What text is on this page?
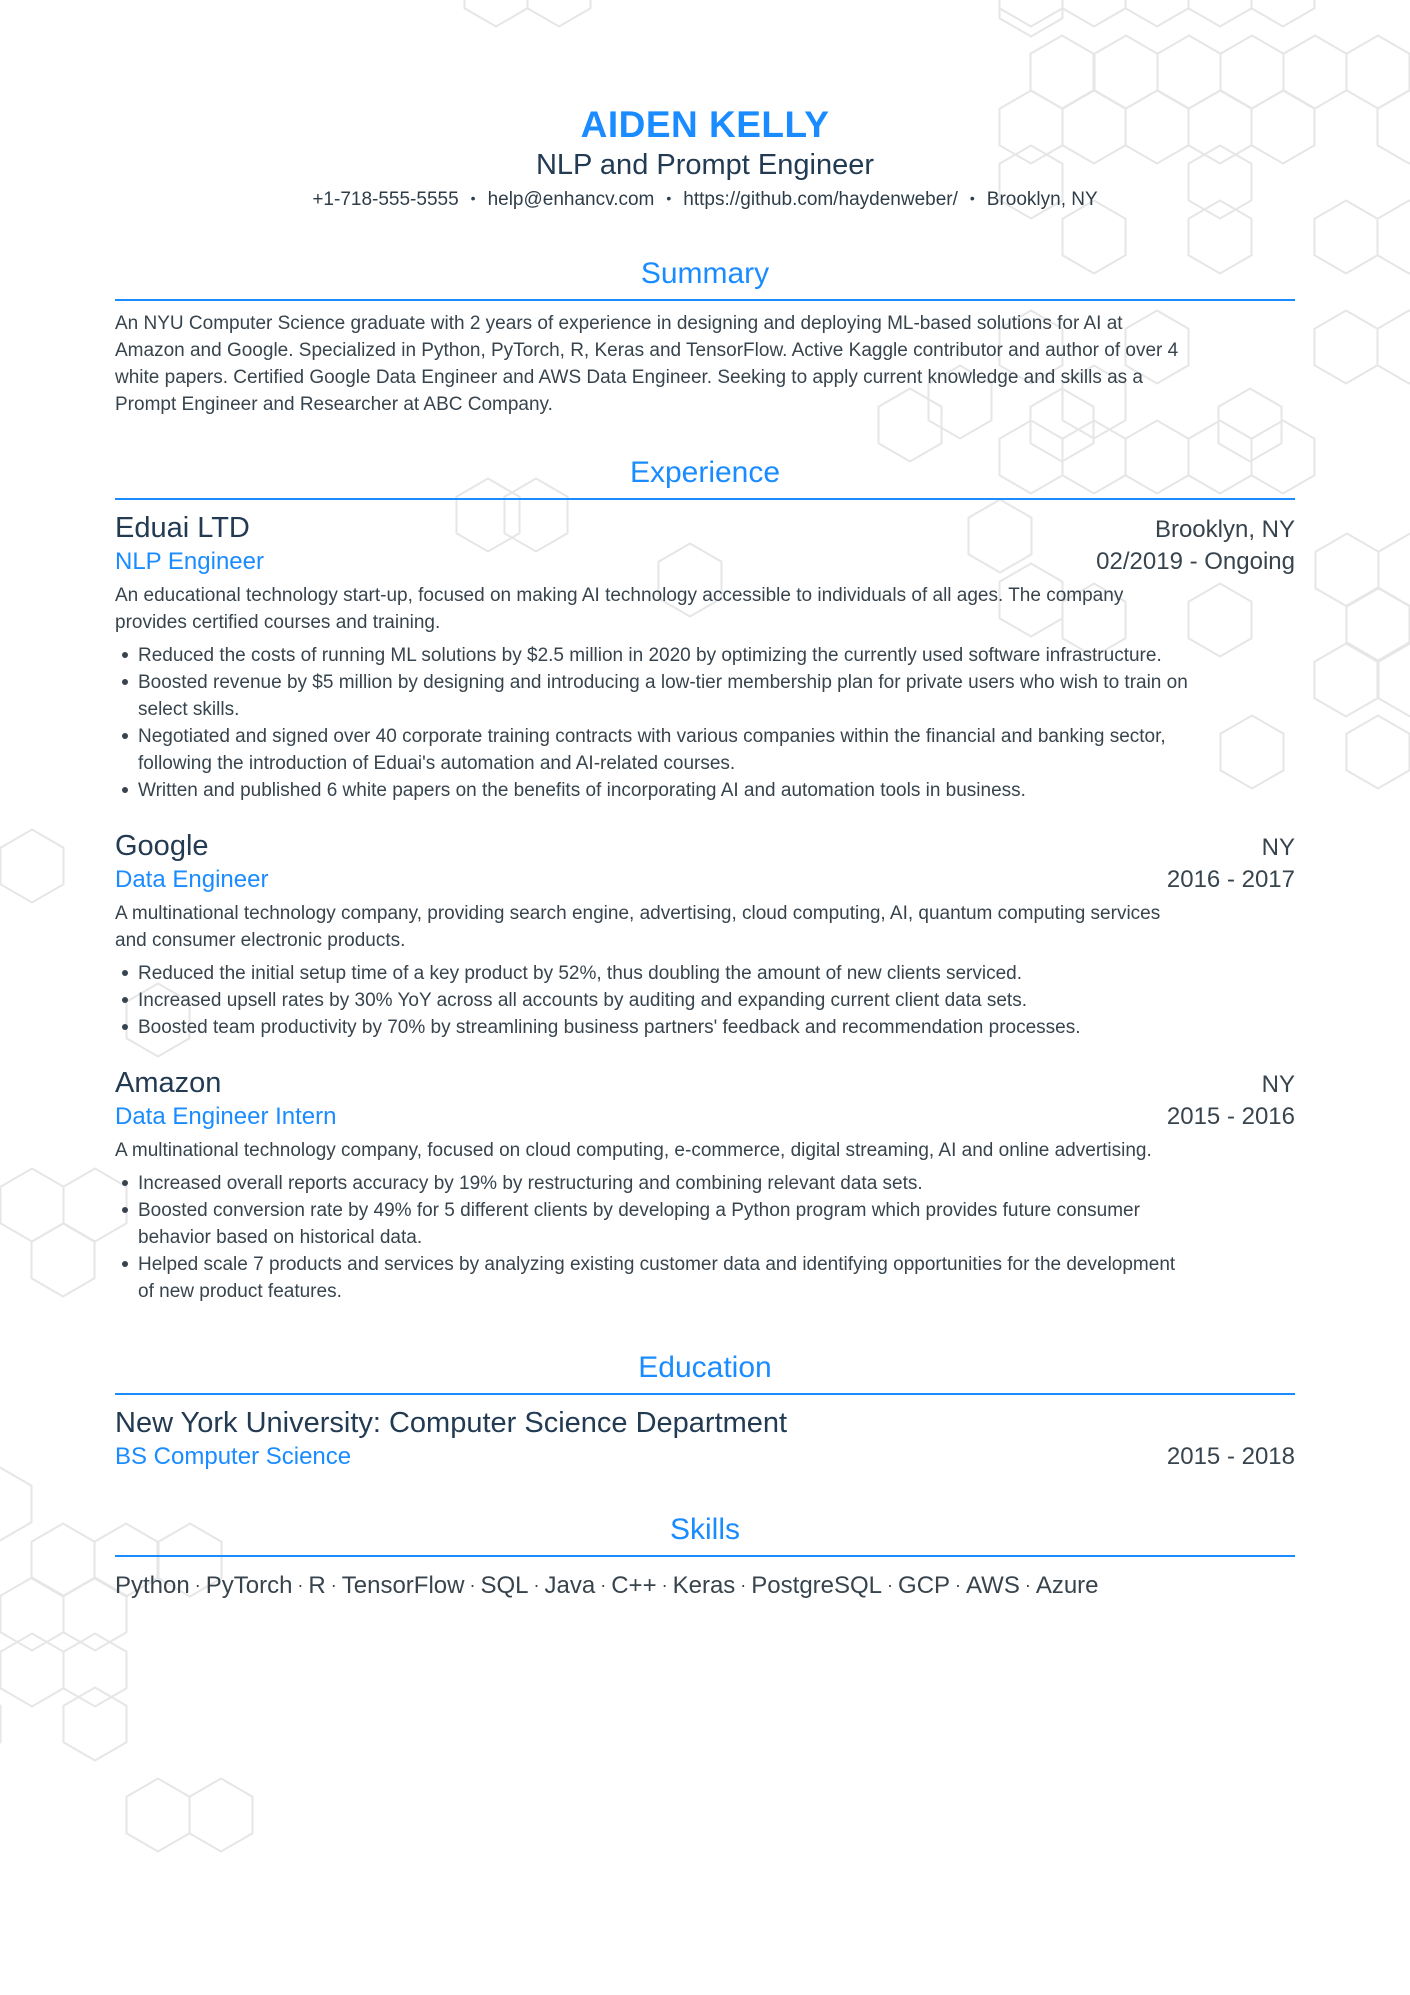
AIDEN KELLY
NLP and Prompt Engineer
+1-718-555-5555 • help@enhancv.com • https://github.com/haydenweber/ • Brooklyn, NY
Summary
An NYU Computer Science graduate with 2 years of experience in designing and deploying ML-based solutions for AI at
Amazon and Google. Specialized in Python, PyTorch, R, Keras and TensorFlow. Active Kaggle contributor and author of over 4
white papers. Certified Google Data Engineer and AWS Data Engineer. Seeking to apply current knowledge and skills as a
Prompt Engineer and Researcher at ABC Company.
Experience
Eduai LTD	Brooklyn, NY
NLP Engineer	02/2019 - Ongoing
An educational technology start-up, focused on making AI technology accessible to individuals of all ages. The company
provides certified courses and training.
Reduced the costs of running ML solutions by $2.5 million in 2020 by optimizing the currently used software infrastructure.
Boosted revenue by $5 million by designing and introducing a low-tier membership plan for private users who wish to train on
select skills.
Negotiated and signed over 40 corporate training contracts with various companies within the financial and banking sector,
following the introduction of Eduai's automation and AI-related courses.
Written and published 6 white papers on the benefits of incorporating AI and automation tools in business.
Google	NY
Data Engineer	2016 - 2017
A multinational technology company, providing search engine, advertising, cloud computing, AI, quantum computing services
and consumer electronic products.
Reduced the initial setup time of a key product by 52%, thus doubling the amount of new clients serviced.
Increased upsell rates by 30% YoY across all accounts by auditing and expanding current client data sets.
Boosted team productivity by 70% by streamlining business partners' feedback and recommendation processes.
Amazon	NY
Data Engineer Intern	2015 - 2016
A multinational technology company, focused on cloud computing, e-commerce, digital streaming, AI and online advertising.
Increased overall reports accuracy by 19% by restructuring and combining relevant data sets.
Boosted conversion rate by 49% for 5 different clients by developing a Python program which provides future consumer
behavior based on historical data.
Helped scale 7 products and services by analyzing existing customer data and identifying opportunities for the development
of new product features.
Education
New York University: Computer Science Department
BS Computer Science	2015 - 2018
Skills
Python · PyTorch · R · TensorFlow · SQL · Java · C++ · Keras · PostgreSQL · GCP · AWS · Azure
